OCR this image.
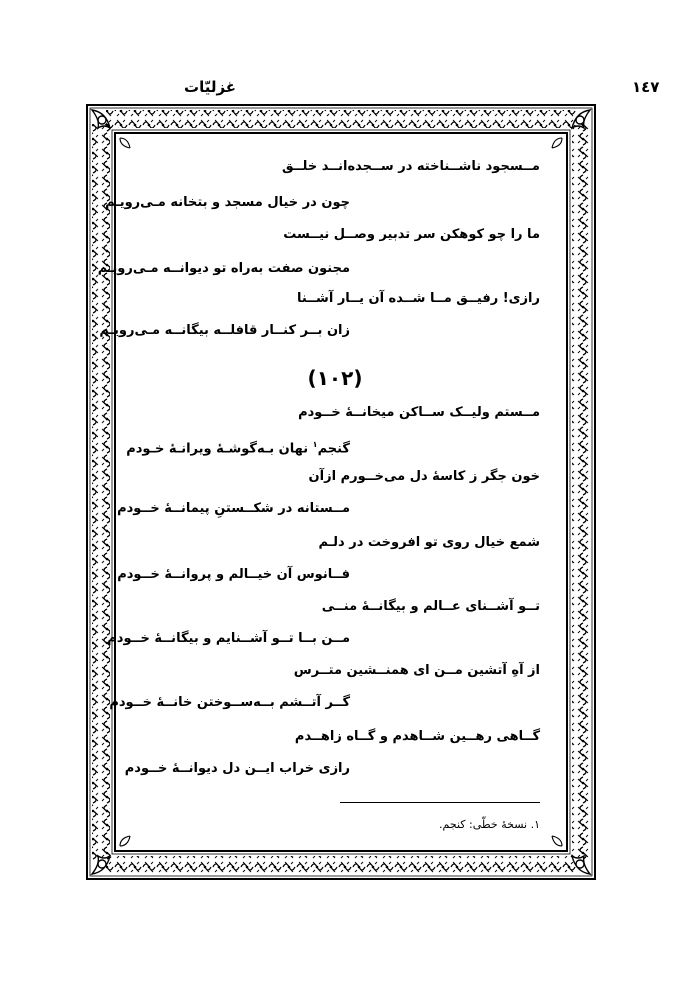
١٤٧
غزلیّات
مــسجود ناشــناخته در ســجده‌انــد خلــق
چون در خیال مسجد و بتخانه مـی‌رویـم
ما را چو کوهکن سر تدبیر وصــل نیــست
مجنون صفت به‌راه تو دیوانــه مـی‌رویـم
رازی! رفیــق مــا شــده آن یــار آشــنا
زان بــر کنــار قافلــه بیگانــه مـی‌رویـم
(١٠٢)
مــستم ولیــک ســاکن میخانــهٔ خــودم
گنجم$^١$ نهان بـه‌گوشـهٔ ویرانـهٔ خـودم
خون جگر ز کاسهٔ دل می‌خــورم ازآن
مــستانه در شکــستنِ پیمانــهٔ خــودم
شمع خیال روی تو افروخت در دلـم
فــانوس آن خیــالم و پروانــهٔ خــودم
تــو آشــنای عــالم و بیگانــهٔ منــی
مــن بــا تــو آشــنایم و بیگانــهٔ خــودم
از آهِ آتشین مــن ای همنــشین متــرس
گــر آتــشم بــه‌ســوختن خانــهٔ خــودم
گــاهی رهــین شــاهدم و گــاه زاهــدم
رازی خراب ایــن دل دیوانــهٔ خــودم
١. نسخهٔ خطّی: کنجم.
